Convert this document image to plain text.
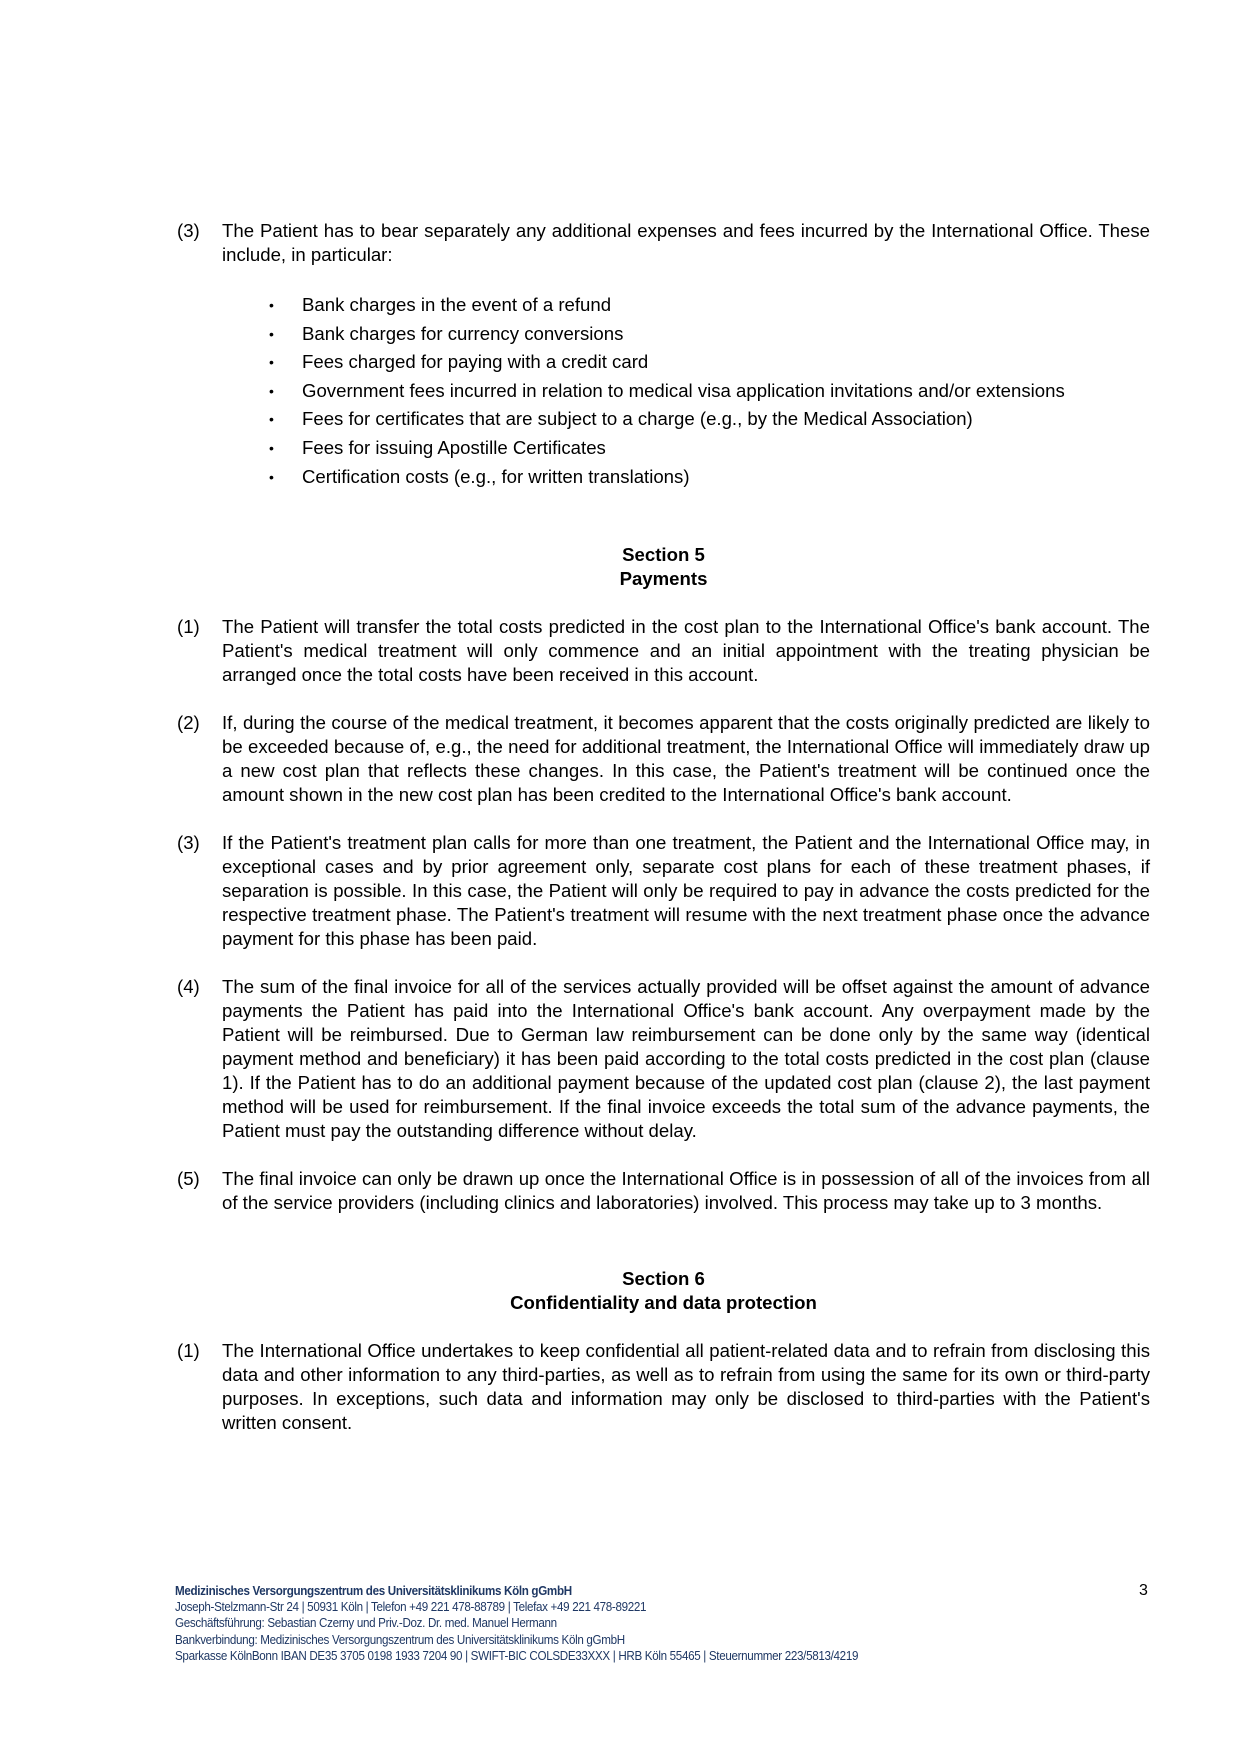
(3) The Patient has to bear separately any additional expenses and fees incurred by the International Office. These include, in particular:
• Bank charges in the event of a refund
• Bank charges for currency conversions
• Fees charged for paying with a credit card
• Government fees incurred in relation to medical visa application invitations and/or extensions
• Fees for certificates that are subject to a charge (e.g., by the Medical Association)
• Fees for issuing Apostille Certificates
• Certification costs (e.g., for written translations)
Section 5
Payments
(1) The Patient will transfer the total costs predicted in the cost plan to the International Office's bank account. The Patient's medical treatment will only commence and an initial appointment with the treating physician be arranged once the total costs have been received in this account.
(2) If, during the course of the medical treatment, it becomes apparent that the costs originally predicted are likely to be exceeded because of, e.g., the need for additional treatment, the International Office will immediately draw up a new cost plan that reflects these changes. In this case, the Patient's treatment will be continued once the amount shown in the new cost plan has been credited to the International Office's bank account.
(3) If the Patient's treatment plan calls for more than one treatment, the Patient and the International Office may, in exceptional cases and by prior agreement only, separate cost plans for each of these treatment phases, if separation is possible. In this case, the Patient will only be required to pay in advance the costs predicted for the respective treatment phase. The Patient's treatment will resume with the next treatment phase once the advance payment for this phase has been paid.
(4) The sum of the final invoice for all of the services actually provided will be offset against the amount of advance payments the Patient has paid into the International Office's bank account. Any overpayment made by the Patient will be reimbursed. Due to German law reimbursement can be done only by the same way (identical payment method and beneficiary) it has been paid according to the total costs predicted in the cost plan (clause 1). If the Patient has to do an additional payment because of the updated cost plan (clause 2), the last payment method will be used for reimbursement. If the final invoice exceeds the total sum of the advance payments, the Patient must pay the outstanding difference without delay.
(5) The final invoice can only be drawn up once the International Office is in possession of all of the invoices from all of the service providers (including clinics and laboratories) involved. This process may take up to 3 months.
Section 6
Confidentiality and data protection
(1) The International Office undertakes to keep confidential all patient-related data and to refrain from disclosing this data and other information to any third-parties, as well as to refrain from using the same for its own or third-party purposes. In exceptions, such data and information may only be disclosed to third-parties with the Patient's written consent.
Medizinisches Versorgungszentrum des Universitätsklinikums Köln gGmbH
Joseph-Stelzmann-Str 24 | 50931 Köln | Telefon +49 221 478-88789 | Telefax +49 221 478-89221
Geschäftsführung: Sebastian Czerny und Priv.-Doz. Dr. med. Manuel Hermann
Bankverbindung: Medizinisches Versorgungszentrum des Universitätsklinikums Köln gGmbH
Sparkasse KölnBonn IBAN DE35 3705 0198 1933 7204 90 | SWIFT-BIC COLSDE33XXX | HRB Köln 55465 | Steuernummer 223/5813/4219
3
